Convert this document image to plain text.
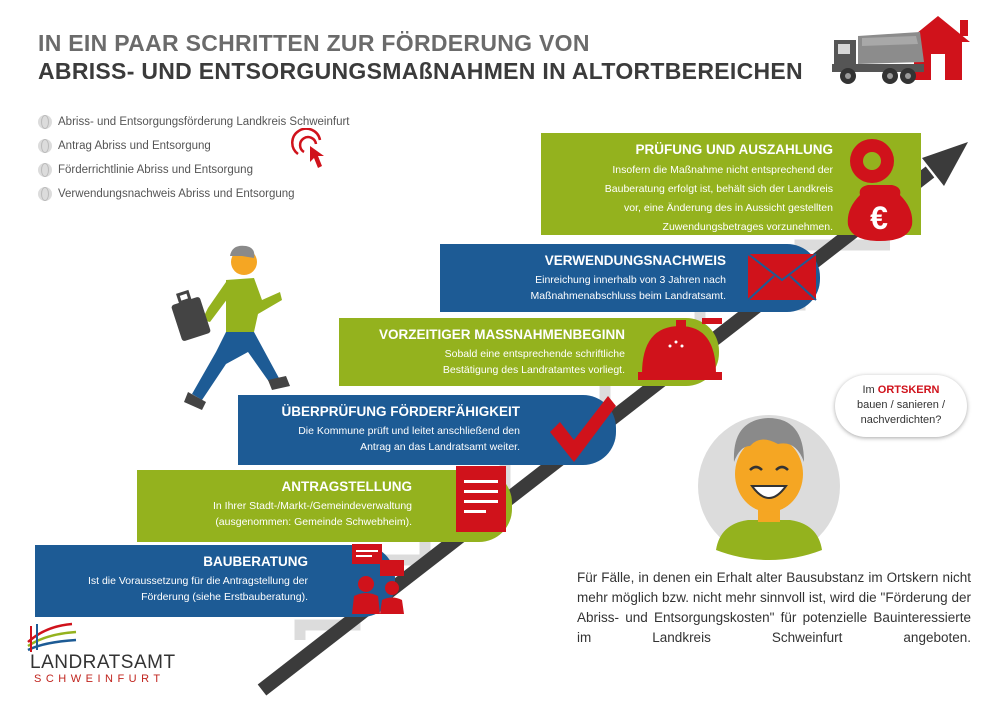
IN EIN PAAR SCHRITTEN ZUR FÖRDERUNG VON
ABRISS- UND ENTSORGUNGSMAßNAHMEN IN ALTORTBEREICHEN
Abriss- und Entsorgungsförderung Landkreis Schweinfurt
Antrag Abriss und Entsorgung
Förderrichtlinie Abriss und Entsorgung
Verwendungsnachweis Abriss und Entsorgung
BAUBERATUNG
Ist die Voraussetzung für die Antragstellung der
Förderung (siehe Erstbauberatung).
ANTRAGSTELLUNG
In Ihrer Stadt-/Markt-/Gemeindeverwaltung
(ausgenommen: Gemeinde Schwebheim).
ÜBERPRÜFUNG FÖRDERFÄHIGKEIT
Die Kommune prüft und leitet anschließend den
Antrag an das Landratsamt weiter.
VORZEITIGER MASSNAHMENBEGINN
Sobald eine entsprechende schriftliche
Bestätigung des Landratamtes vorliegt.
VERWENDUNGSNACHWEIS
Einreichung innerhalb von 3 Jahren nach
Maßnahmenabschluss beim Landratsamt.
PRÜFUNG UND AUSZAHLUNG
Insofern die Maßnahme nicht entsprechend der
Bauberatung erfolgt ist, behält sich der Landkreis
vor, eine Änderung des in Aussicht gestellten
Zuwendungsbetrages vorzunehmen. €
Im ORTSKERN
bauen / sanieren /
nachverdichten?
Für Fälle, in denen ein Erhalt alter Bausubstanz im Ortskern nicht mehr möglich bzw. nicht mehr sinnvoll ist, wird die "Förderung der Abriss- und Entsorgungskosten" für potenzielle Bauinteressierte im Landkreis Schweinfurt angeboten.
LANDRATSAMT
SCHWEINFURT
